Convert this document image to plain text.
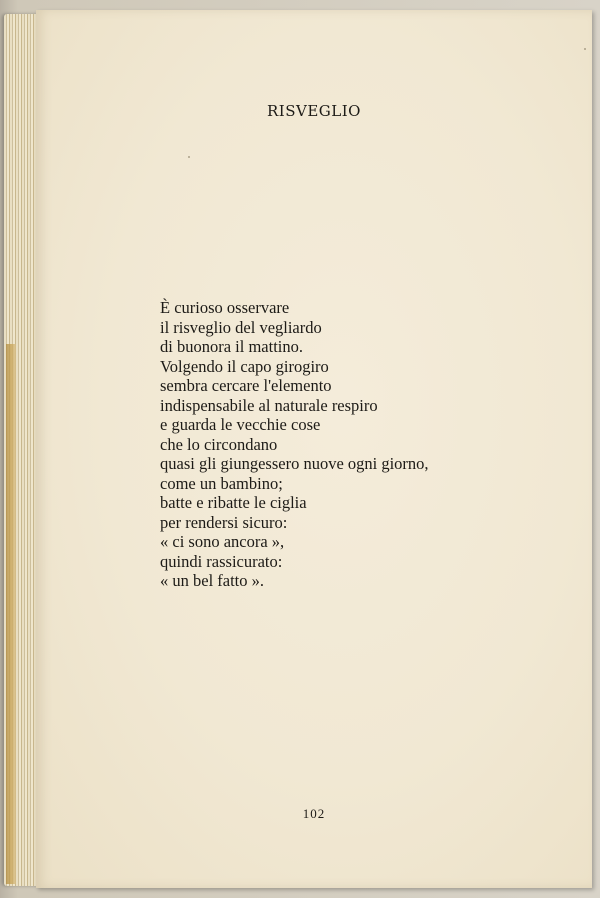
RISVEGLIO
È curioso osservare
il risveglio del vegliardo
di buonora il mattino.
Volgendo il capo girogiro
sembra cercare l'elemento
indispensabile al naturale respiro
e guarda le vecchie cose
che lo circondano
quasi gli giungessero nuove ogni giorno,
come un bambino;
batte e ribatte le ciglia
per rendersi sicuro:
« ci sono ancora »,
quindi rassicurato:
« un bel fatto ».
102
